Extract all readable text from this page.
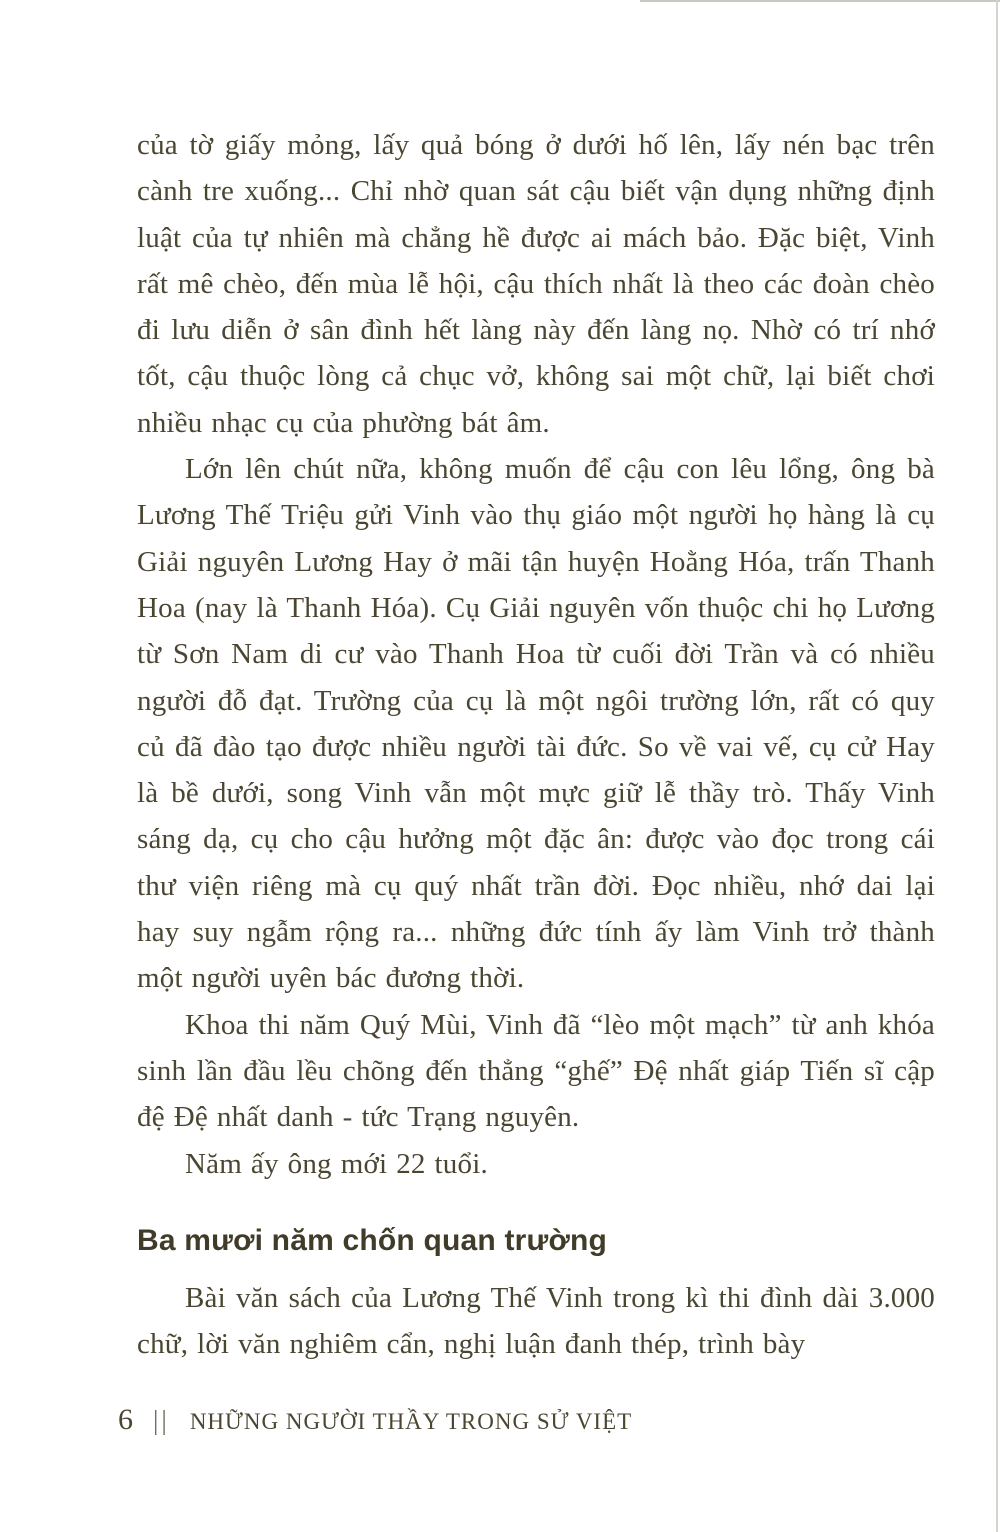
của tờ giấy mỏng, lấy quả bóng ở dưới hố lên, lấy nén bạc trên cành tre xuống... Chỉ nhờ quan sát cậu biết vận dụng những định luật của tự nhiên mà chẳng hề được ai mách bảo. Đặc biệt, Vinh rất mê chèo, đến mùa lễ hội, cậu thích nhất là theo các đoàn chèo đi lưu diễn ở sân đình hết làng này đến làng nọ. Nhờ có trí nhớ tốt, cậu thuộc lòng cả chục vở, không sai một chữ, lại biết chơi nhiều nhạc cụ của phường bát âm.

Lớn lên chút nữa, không muốn để cậu con lêu lổng, ông bà Lương Thế Triệu gửi Vinh vào thụ giáo một người họ hàng là cụ Giải nguyên Lương Hay ở mãi tận huyện Hoằng Hóa, trấn Thanh Hoa (nay là Thanh Hóa). Cụ Giải nguyên vốn thuộc chi họ Lương từ Sơn Nam di cư vào Thanh Hoa từ cuối đời Trần và có nhiều người đỗ đạt. Trường của cụ là một ngôi trường lớn, rất có quy củ đã đào tạo được nhiều người tài đức. So về vai vế, cụ cử Hay là bề dưới, song Vinh vẫn một mực giữ lễ thầy trò. Thấy Vinh sáng dạ, cụ cho cậu hưởng một đặc ân: được vào đọc trong cái thư viện riêng mà cụ quý nhất trần đời. Đọc nhiều, nhớ dai lại hay suy ngẫm rộng ra... những đức tính ấy làm Vinh trở thành một người uyên bác đương thời.

Khoa thi năm Quý Mùi, Vinh đã “lèo một mạch” từ anh khóa sinh lần đầu lều chõng đến thẳng “ghế” Đệ nhất giáp Tiến sĩ cập đệ Đệ nhất danh - tức Trạng nguyên.

Năm ấy ông mới 22 tuổi.

Ba mươi năm chốn quan trường

Bài văn sách của Lương Thế Vinh trong kì thi đình dài 3.000 chữ, lời văn nghiêm cẩn, nghị luận đanh thép, trình bày

6 || NHỮNG NGƯỜI THẦY TRONG SỬ VIỆT
